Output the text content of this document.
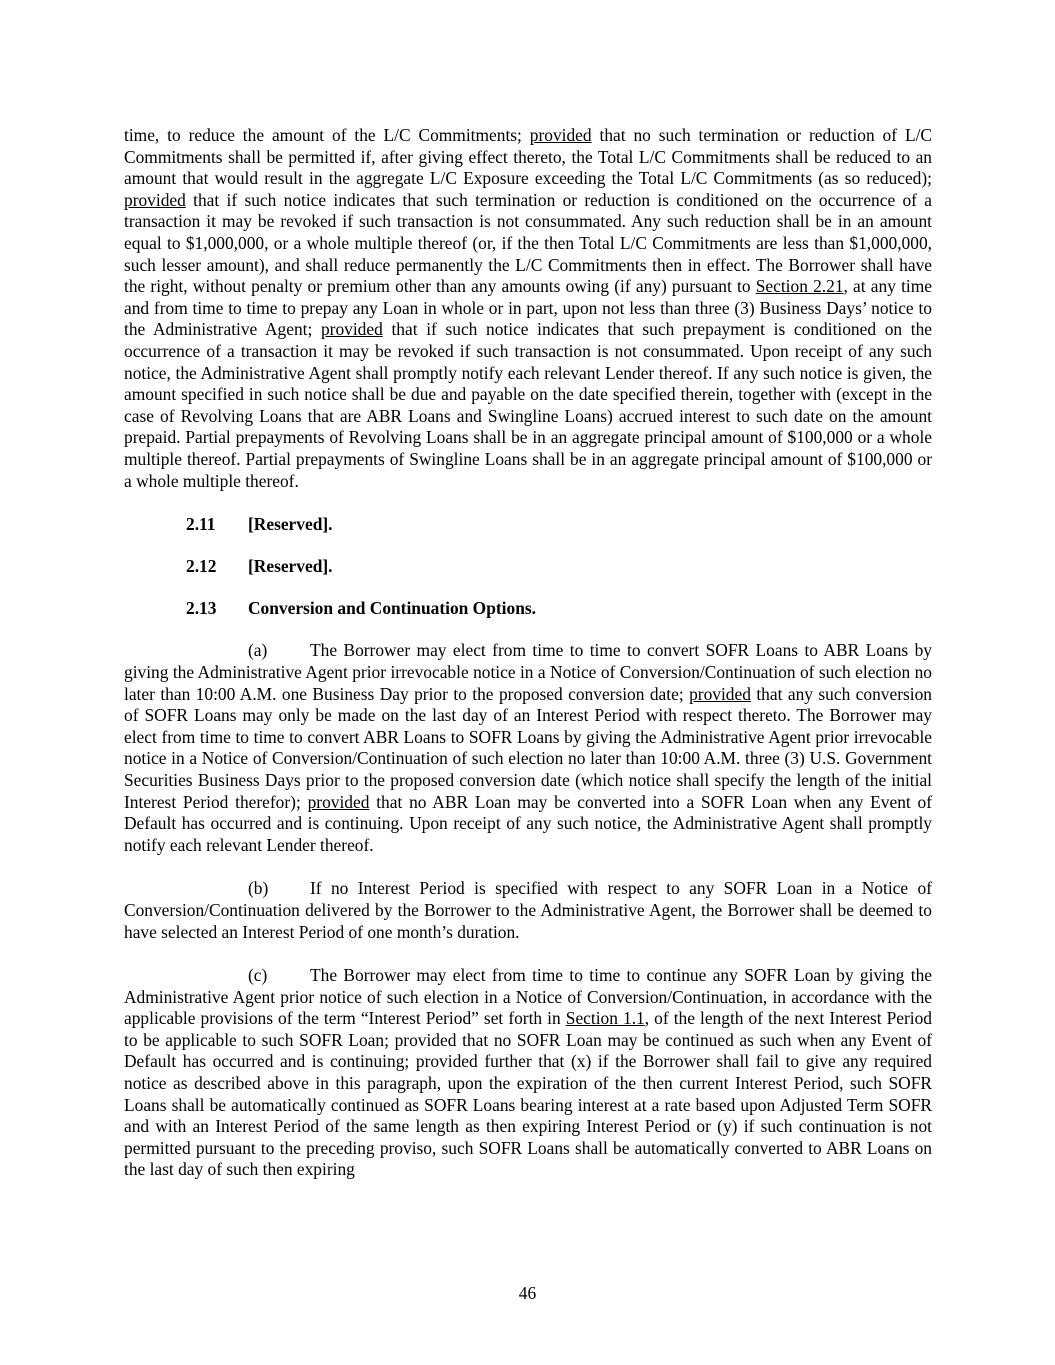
time, to reduce the amount of the L/C Commitments; provided that no such termination or reduction of L/C Commitments shall be permitted if, after giving effect thereto, the Total L/C Commitments shall be reduced to an amount that would result in the aggregate L/C Exposure exceeding the Total L/C Commitments (as so reduced); provided that if such notice indicates that such termination or reduction is conditioned on the occurrence of a transaction it may be revoked if such transaction is not consummated. Any such reduction shall be in an amount equal to $1,000,000, or a whole multiple thereof (or, if the then Total L/C Commitments are less than $1,000,000, such lesser amount), and shall reduce permanently the L/C Commitments then in effect. The Borrower shall have the right, without penalty or premium other than any amounts owing (if any) pursuant to Section 2.21, at any time and from time to time to prepay any Loan in whole or in part, upon not less than three (3) Business Days’ notice to the Administrative Agent; provided that if such notice indicates that such prepayment is conditioned on the occurrence of a transaction it may be revoked if such transaction is not consummated. Upon receipt of any such notice, the Administrative Agent shall promptly notify each relevant Lender thereof. If any such notice is given, the amount specified in such notice shall be due and payable on the date specified therein, together with (except in the case of Revolving Loans that are ABR Loans and Swingline Loans) accrued interest to such date on the amount prepaid. Partial prepayments of Revolving Loans shall be in an aggregate principal amount of $100,000 or a whole multiple thereof. Partial prepayments of Swingline Loans shall be in an aggregate principal amount of $100,000 or a whole multiple thereof.

2.11 [Reserved].

2.12 [Reserved].

2.13 Conversion and Continuation Options.

(a) The Borrower may elect from time to time to convert SOFR Loans to ABR Loans by giving the Administrative Agent prior irrevocable notice in a Notice of Conversion/Continuation of such election no later than 10:00 A.M. one Business Day prior to the proposed conversion date; provided that any such conversion of SOFR Loans may only be made on the last day of an Interest Period with respect thereto. The Borrower may elect from time to time to convert ABR Loans to SOFR Loans by giving the Administrative Agent prior irrevocable notice in a Notice of Conversion/Continuation of such election no later than 10:00 A.M. three (3) U.S. Government Securities Business Days prior to the proposed conversion date (which notice shall specify the length of the initial Interest Period therefor); provided that no ABR Loan may be converted into a SOFR Loan when any Event of Default has occurred and is continuing. Upon receipt of any such notice, the Administrative Agent shall promptly notify each relevant Lender thereof.

(b) If no Interest Period is specified with respect to any SOFR Loan in a Notice of Conversion/Continuation delivered by the Borrower to the Administrative Agent, the Borrower shall be deemed to have selected an Interest Period of one month’s duration.

(c) The Borrower may elect from time to time to continue any SOFR Loan by giving the Administrative Agent prior notice of such election in a Notice of Conversion/Continuation, in accordance with the applicable provisions of the term “Interest Period” set forth in Section 1.1, of the length of the next Interest Period to be applicable to such SOFR Loan; provided that no SOFR Loan may be continued as such when any Event of Default has occurred and is continuing; provided further that (x) if the Borrower shall fail to give any required notice as described above in this paragraph, upon the expiration of the then current Interest Period, such SOFR Loans shall be automatically continued as SOFR Loans bearing interest at a rate based upon Adjusted Term SOFR and with an Interest Period of the same length as then expiring Interest Period or (y) if such continuation is not permitted pursuant to the preceding proviso, such SOFR Loans shall be automatically converted to ABR Loans on the last day of such then expiring

46
